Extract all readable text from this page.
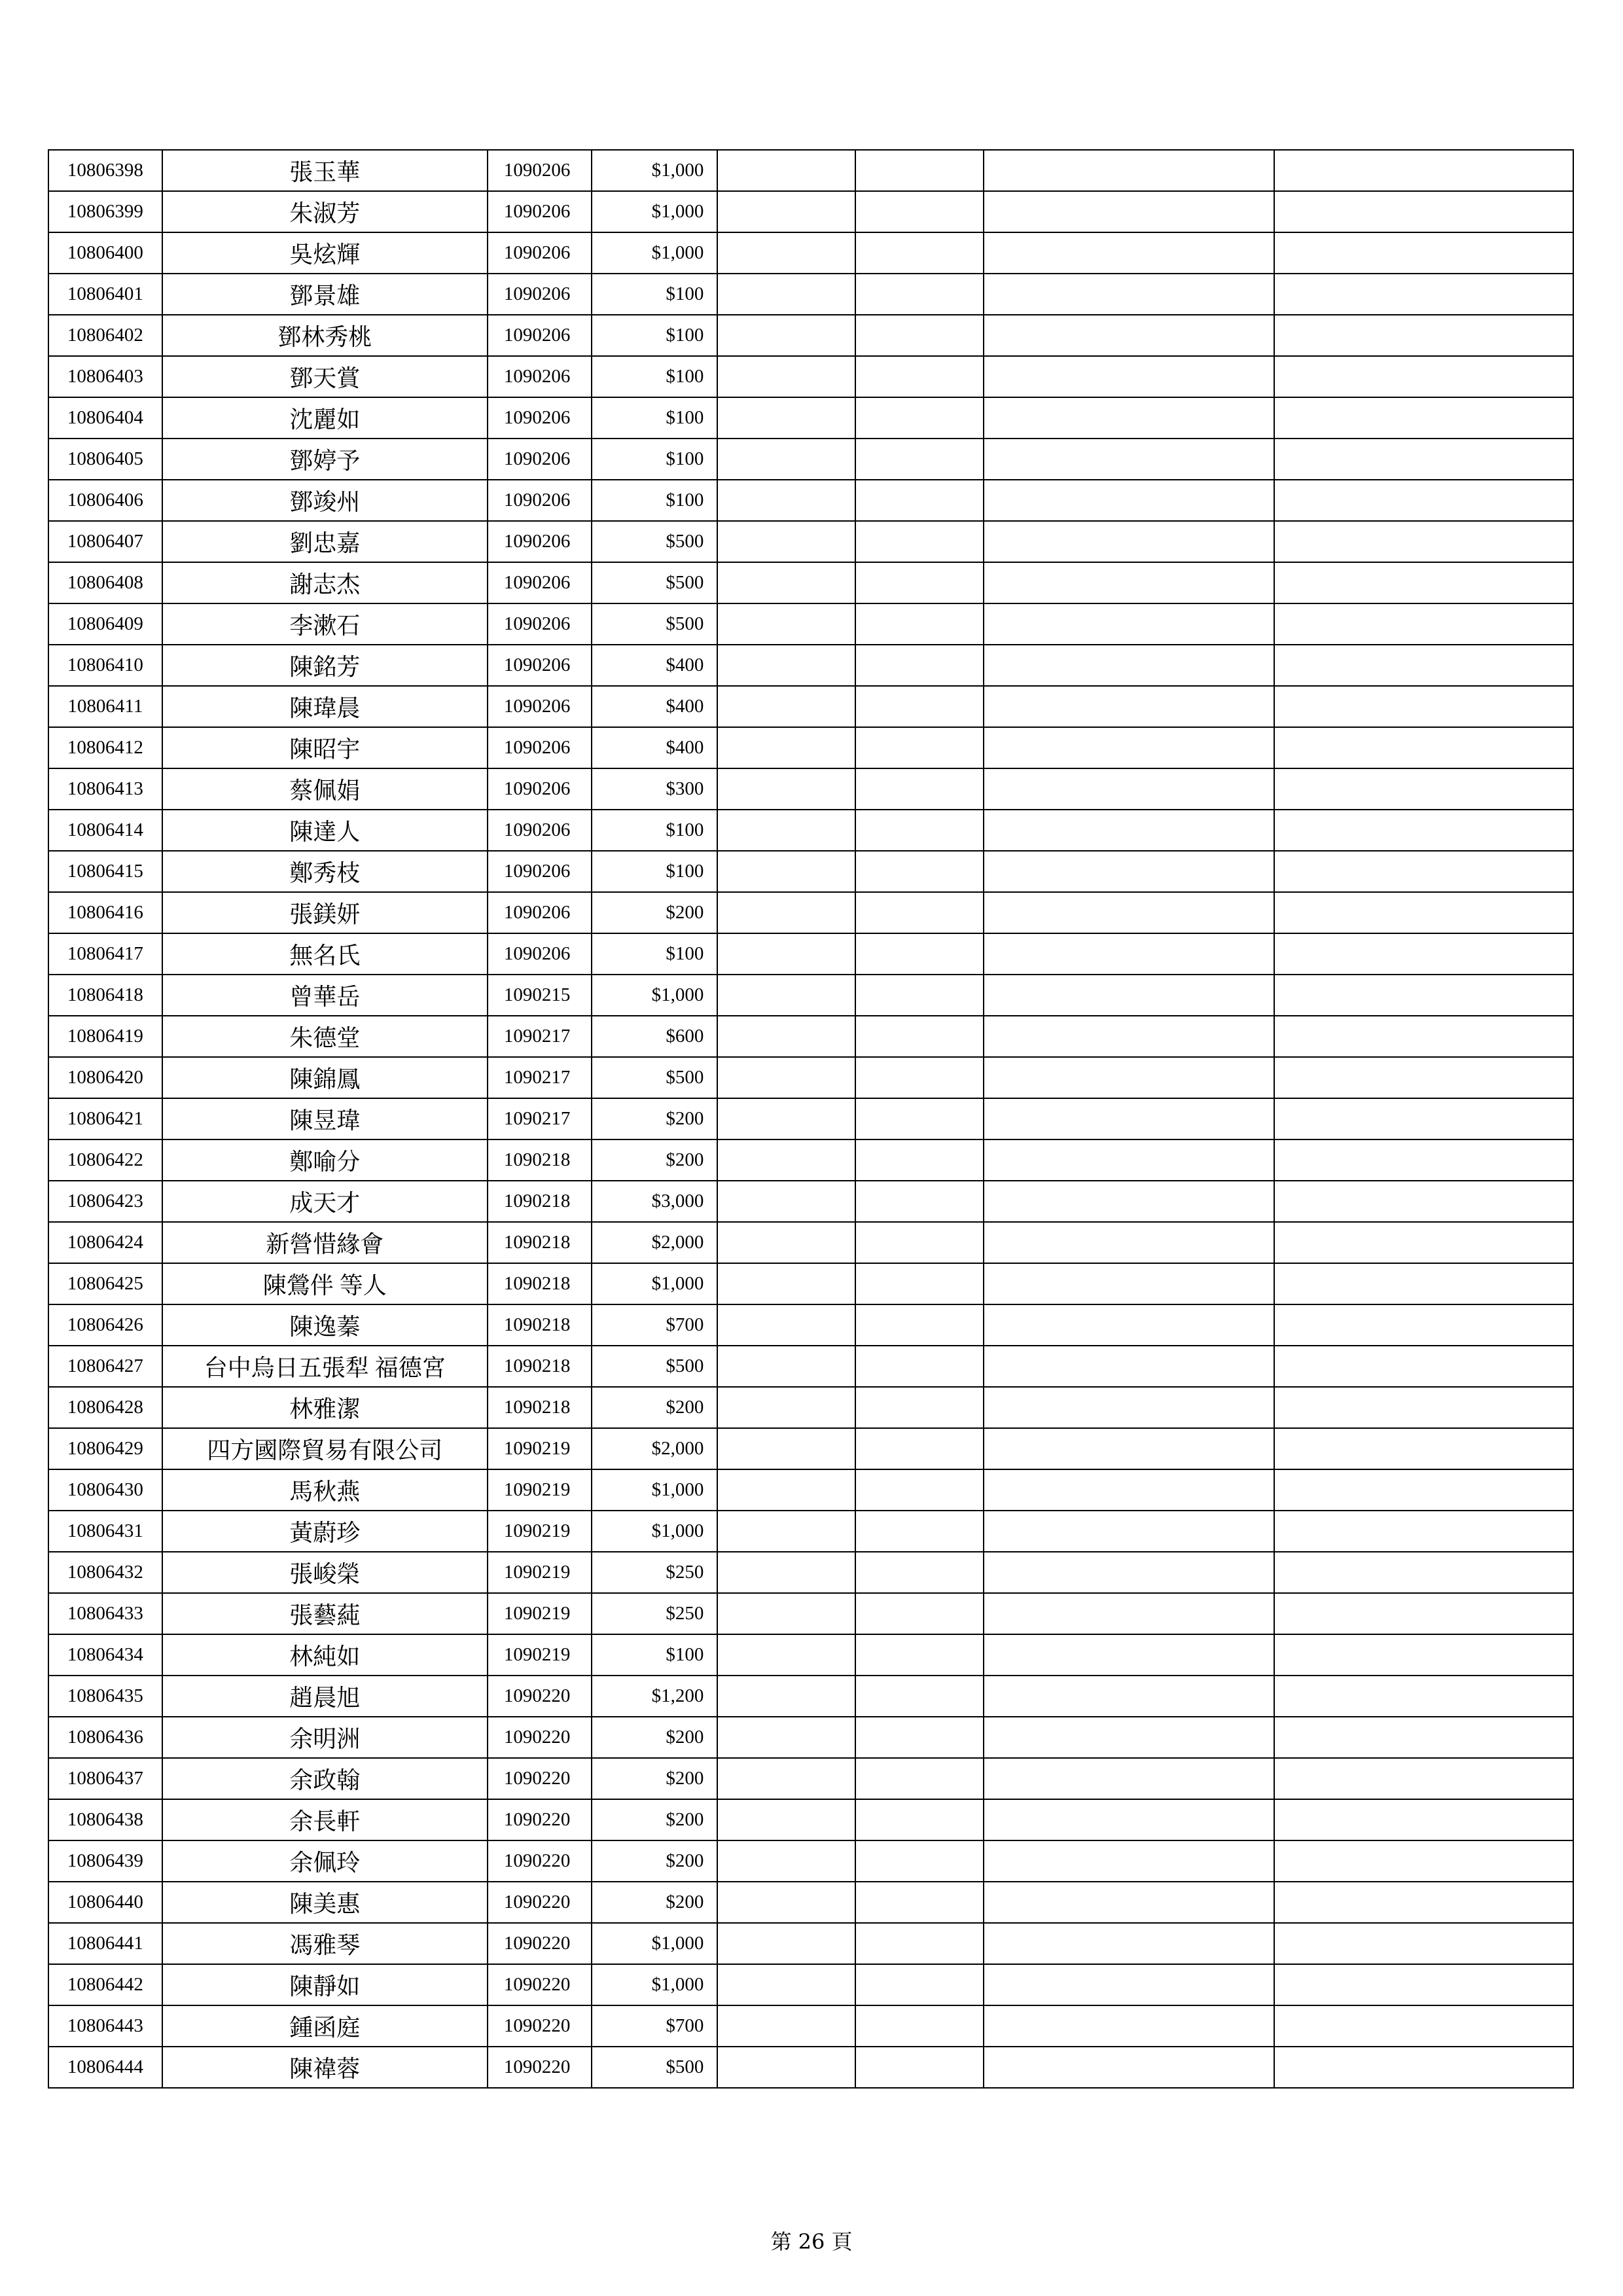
10806398	張玉華	1090206	$1,000				
10806399	朱淑芳	1090206	$1,000				
10806400	吳炫輝	1090206	$1,000				
10806401	鄧景雄	1090206	$100				
10806402	鄧林秀桃	1090206	$100				
10806403	鄧天賞	1090206	$100				
10806404	沈麗如	1090206	$100				
10806405	鄧婷予	1090206	$100				
10806406	鄧竣州	1090206	$100				
10806407	劉忠嘉	1090206	$500				
10806408	謝志杰	1090206	$500				
10806409	李漱石	1090206	$500				
10806410	陳銘芳	1090206	$400				
10806411	陳瑋晨	1090206	$400				
10806412	陳昭宇	1090206	$400				
10806413	蔡佩娟	1090206	$300				
10806414	陳達人	1090206	$100				
10806415	鄭秀枝	1090206	$100				
10806416	張鎂妍	1090206	$200				
10806417	無名氏	1090206	$100				
10806418	曾華岳	1090215	$1,000				
10806419	朱德堂	1090217	$600				
10806420	陳錦鳳	1090217	$500				
10806421	陳昱瑋	1090217	$200				
10806422	鄭喻分	1090218	$200				
10806423	成天才	1090218	$3,000				
10806424	新營惜緣會	1090218	$2,000				
10806425	陳鶯伴 等人	1090218	$1,000				
10806426	陳逸蓁	1090218	$700				
10806427	台中烏日五張犁 福德宮	1090218	$500				
10806428	林雅潔	1090218	$200				
10806429	四方國際貿易有限公司	1090219	$2,000				
10806430	馬秋燕	1090219	$1,000				
10806431	黃蔚珍	1090219	$1,000				
10806432	張峻榮	1090219	$250				
10806433	張藝蒓	1090219	$250				
10806434	林純如	1090219	$100				
10806435	趙晨旭	1090220	$1,200				
10806436	余明洲	1090220	$200				
10806437	余政翰	1090220	$200				
10806438	余長軒	1090220	$200				
10806439	余佩玲	1090220	$200				
10806440	陳美惠	1090220	$200				
10806441	馮雅琴	1090220	$1,000				
10806442	陳靜如	1090220	$1,000				
10806443	鍾函庭	1090220	$700				
10806444	陳禕蓉	1090220	$500				
第 26 頁
